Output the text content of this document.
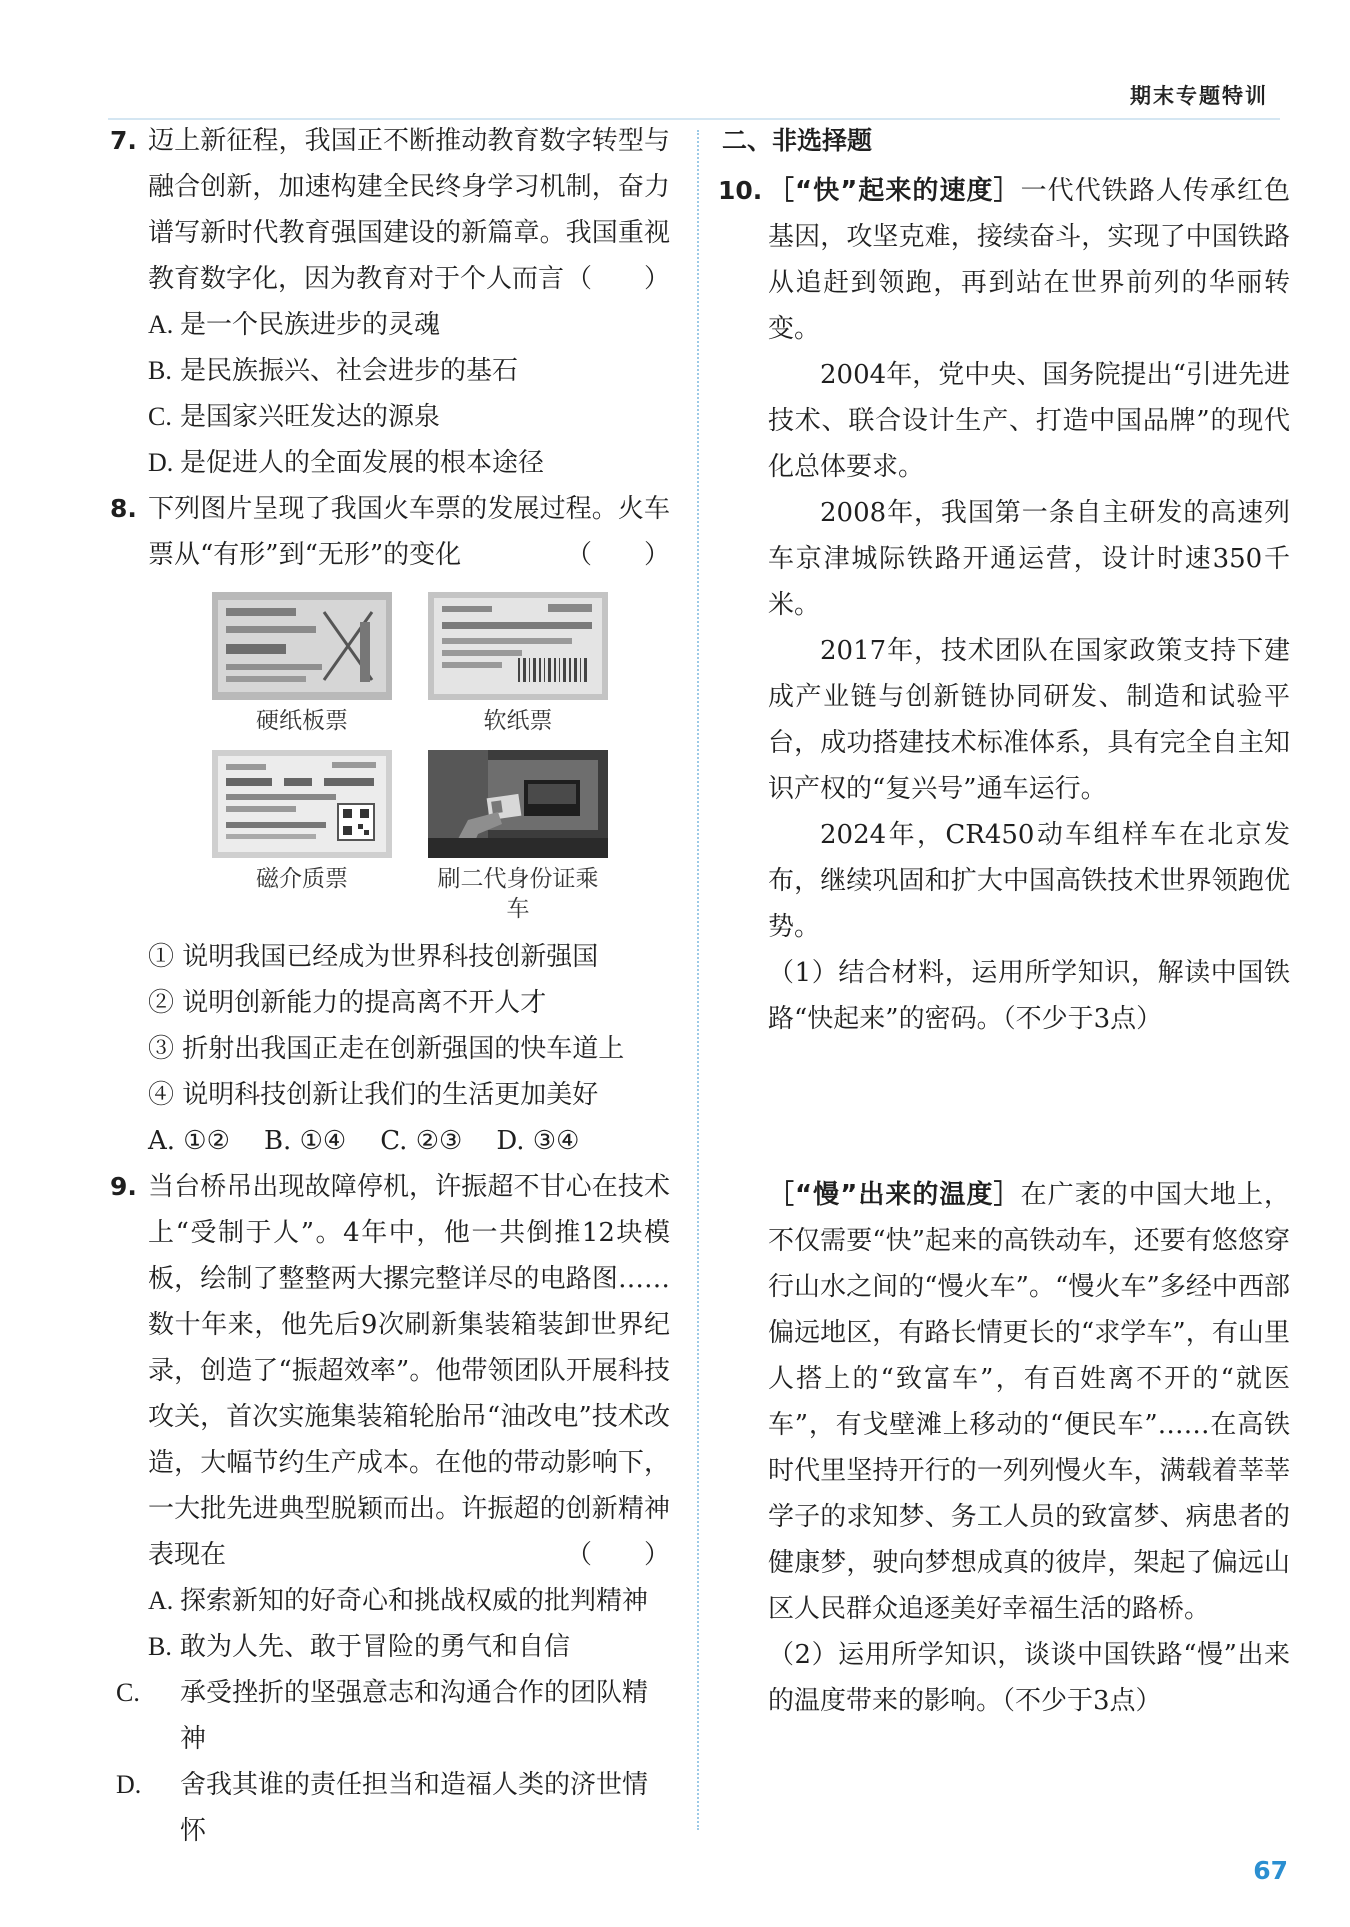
期末专题特训
7. 迈上新征程，我国正不断推动教育数字转型与融合创新，加速构建全民终身学习机制，奋力谱写新时代教育强国建设的新篇章。我国重视教育数字化，因为教育对于个人而言 （　　）
A. 是一个民族进步的灵魂
B. 是民族振兴、社会进步的基石
C. 是国家兴旺发达的源泉
D. 是促进人的全面发展的根本途径
8. 下列图片呈现了我国火车票的发展过程。火车票从“有形”到“无形”的变化	（　　）
硬纸板票	软纸票
磁介质票	刷二代身份证乘车
① 说明我国已经成为世界科技创新强国
② 说明创新能力的提高离不开人才
③ 折射出我国正走在创新强国的快车道上
④ 说明科技创新让我们的生活更加美好
A. ①② B. ①④ C. ②③ D. ③④
9. 当台桥吊出现故障停机，许振超不甘心在技术上“受制于人”。4年中，他一共倒推12块模板，绘制了整整两大摞完整详尽的电路图……数十年来，他先后9次刷新集装箱装卸世界纪录，创造了“振超效率”。他带领团队开展科技攻关，首次实施集装箱轮胎吊“油改电”技术改造，大幅节约生产成本。在他的带动影响下，一大批先进典型脱颖而出。许振超的创新精神表现在	（　　）
A. 探索新知的好奇心和挑战权威的批判精神
B. 敢为人先、敢于冒险的勇气和自信
C. 承受挫折的坚强意志和沟通合作的团队精神
D. 舍我其谁的责任担当和造福人类的济世情怀
二、非选择题
10. ［“快”起来的速度］一代代铁路人传承红色基因，攻坚克难，接续奋斗，实现了中国铁路从追赶到领跑，再到站在世界前列的华丽转变。
2004年，党中央、国务院提出“引进先进技术、联合设计生产、打造中国品牌”的现代化总体要求。
2008年，我国第一条自主研发的高速列车京津城际铁路开通运营，设计时速350千米。
2017年，技术团队在国家政策支持下建成产业链与创新链协同研发、制造和试验平台，成功搭建技术标准体系，具有完全自主知识产权的“复兴号”通车运行。
2024年，CR450动车组样车在北京发布，继续巩固和扩大中国高铁技术世界领跑优势。
（1）结合材料，运用所学知识，解读中国铁路“快起来”的密码。（不少于3点）
［“慢”出来的温度］在广袤的中国大地上，不仅需要“快”起来的高铁动车，还要有悠悠穿行山水之间的“慢火车”。“慢火车”多经中西部偏远地区，有路长情更长的“求学车”，有山里人搭上的“致富车”，有百姓离不开的“就医车”，有戈壁滩上移动的“便民车”……在高铁时代里坚持开行的一列列慢火车，满载着莘莘学子的求知梦、务工人员的致富梦、病患者的健康梦，驶向梦想成真的彼岸，架起了偏远山区人民群众追逐美好幸福生活的路桥。
（2）运用所学知识，谈谈中国铁路“慢”出来的温度带来的影响。（不少于3点）
67
